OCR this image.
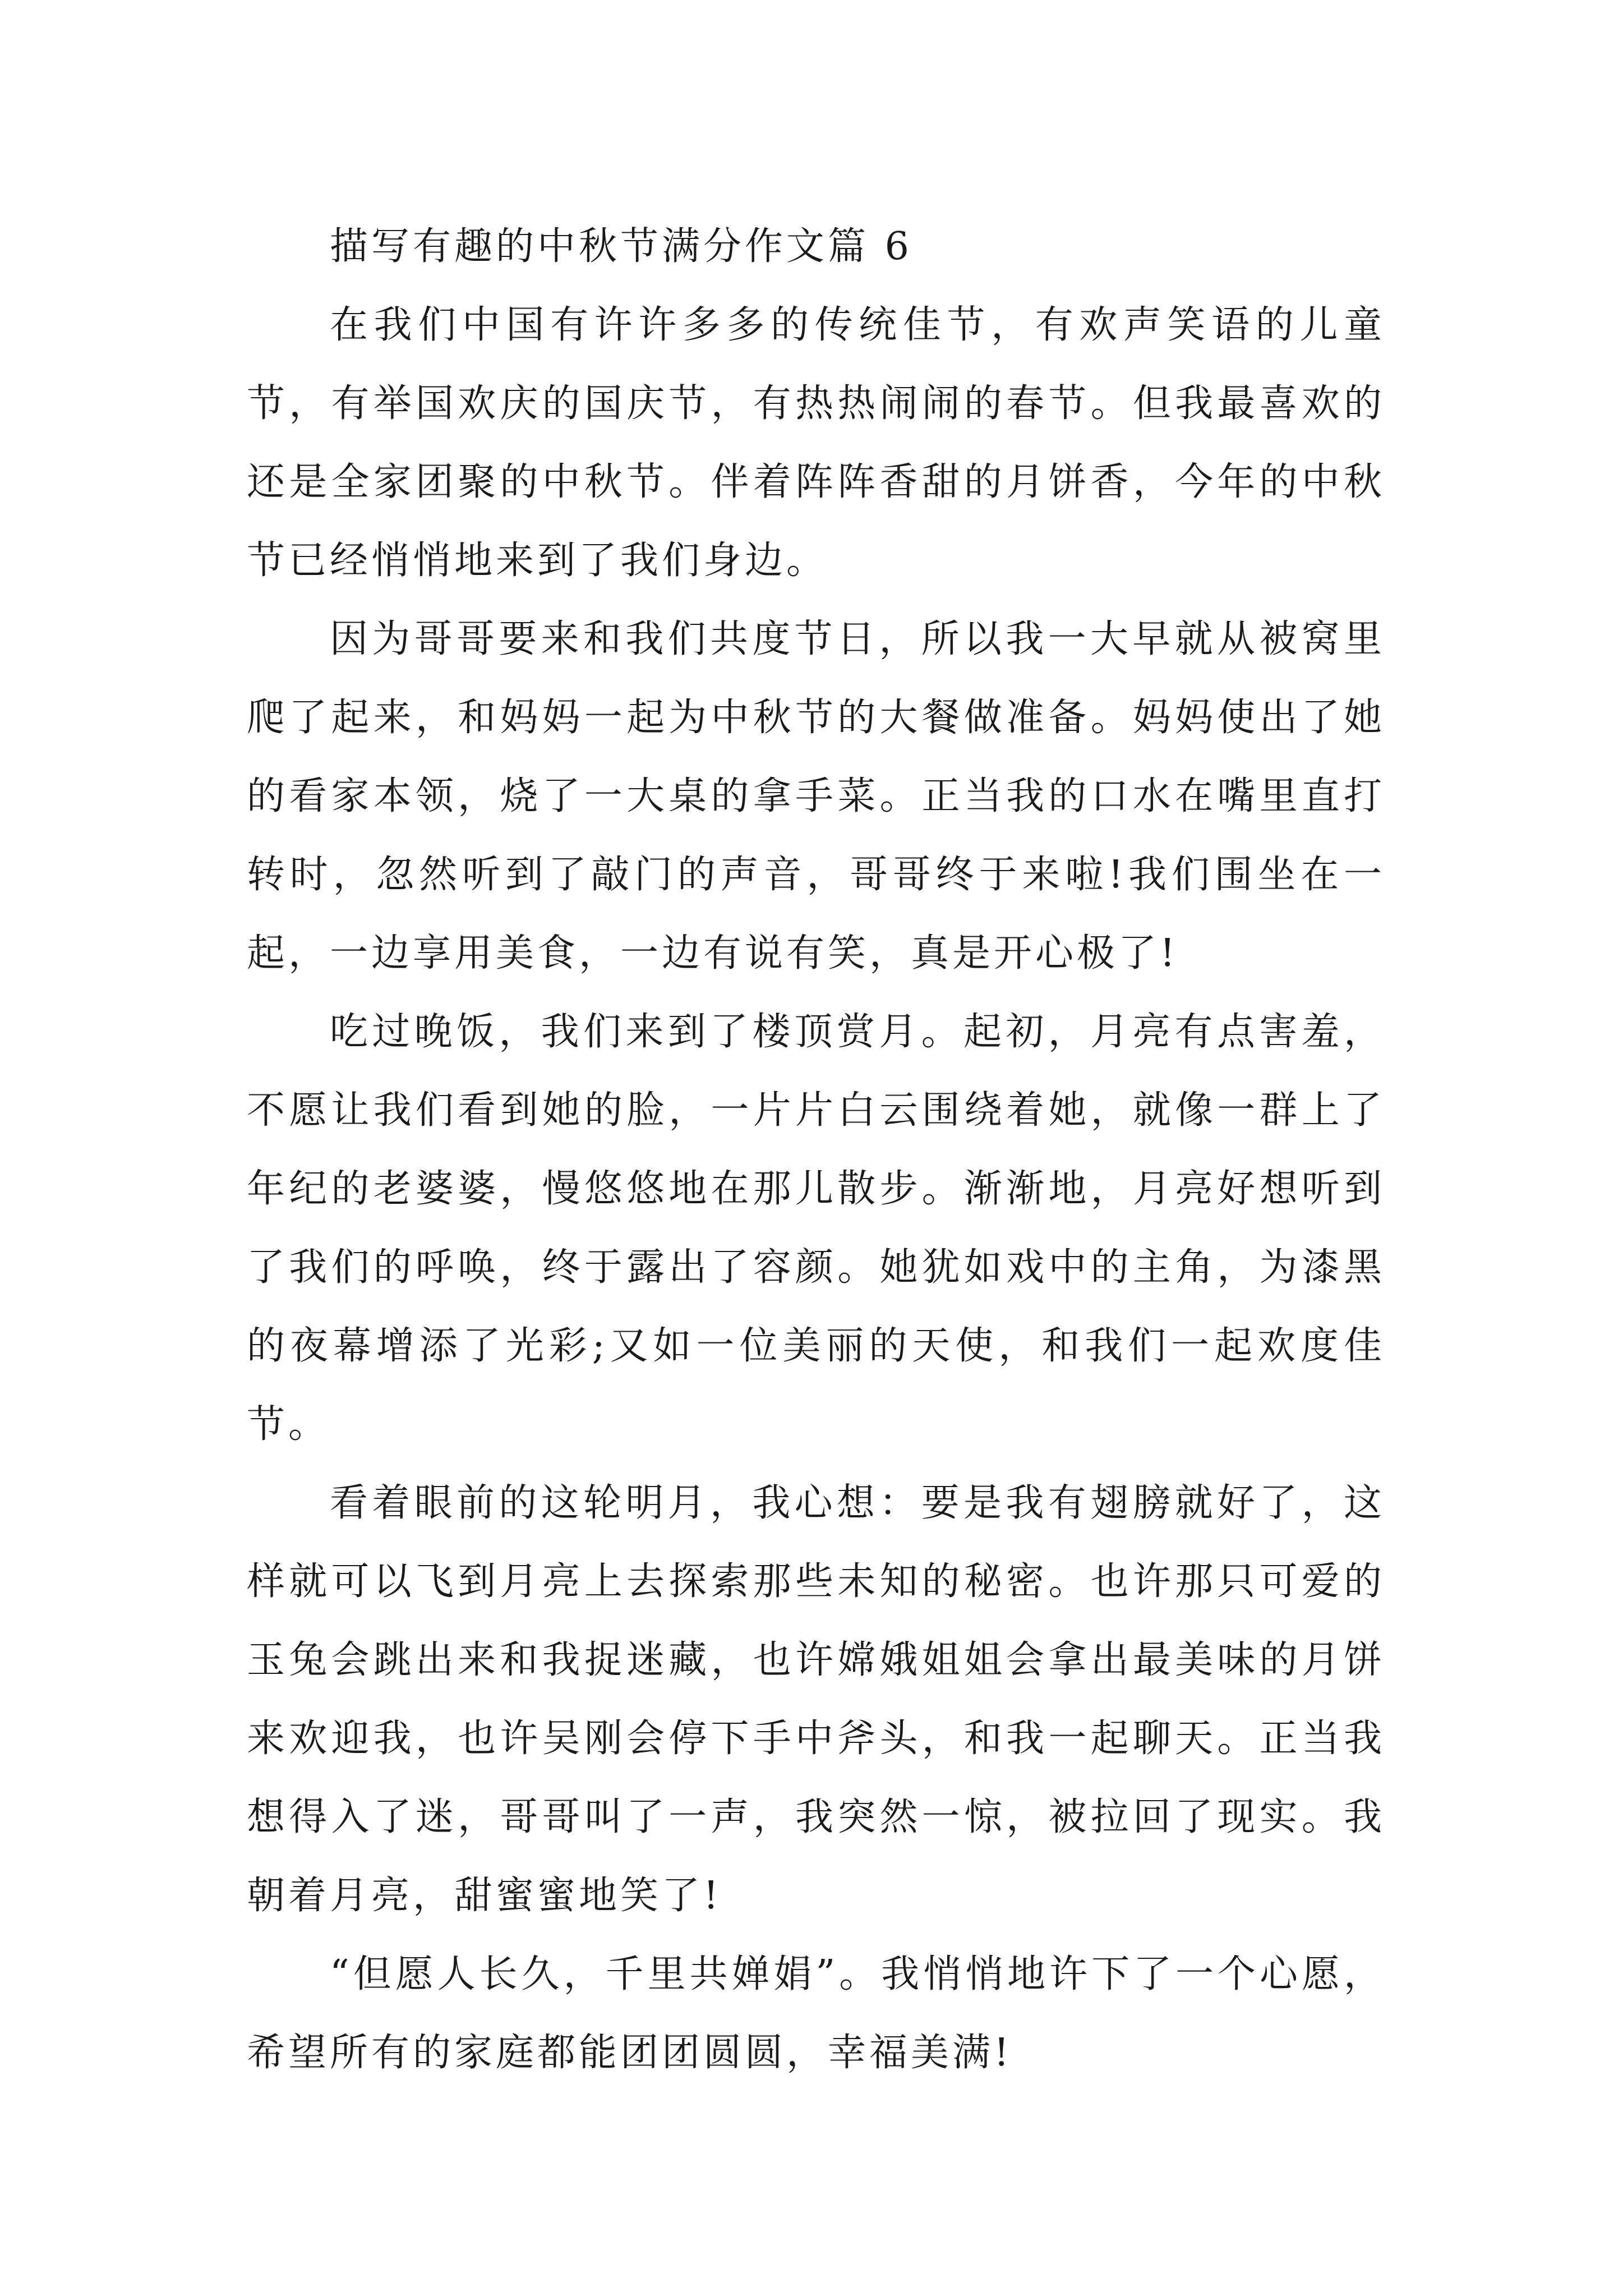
描写有趣的中秋节满分作文篇 6

在我们中国有许许多多的传统佳节，有欢声笑语的儿童节，有举国欢庆的国庆节，有热热闹闹的春节。但我最喜欢的还是全家团聚的中秋节。伴着阵阵香甜的月饼香，今年的中秋节已经悄悄地来到了我们身边。

因为哥哥要来和我们共度节日，所以我一大早就从被窝里爬了起来，和妈妈一起为中秋节的大餐做准备。妈妈使出了她的看家本领，烧了一大桌的拿手菜。正当我的口水在嘴里直打转时，忽然听到了敲门的声音，哥哥终于来啦!我们围坐在一起，一边享用美食，一边有说有笑，真是开心极了!

吃过晚饭，我们来到了楼顶赏月。起初，月亮有点害羞，不愿让我们看到她的脸，一片片白云围绕着她，就像一群上了年纪的老婆婆，慢悠悠地在那儿散步。渐渐地，月亮好想听到了我们的呼唤，终于露出了容颜。她犹如戏中的主角，为漆黑的夜幕增添了光彩;又如一位美丽的天使，和我们一起欢度佳节。

看着眼前的这轮明月，我心想：要是我有翅膀就好了，这样就可以飞到月亮上去探索那些未知的秘密。也许那只可爱的玉兔会跳出来和我捉迷藏，也许嫦娥姐姐会拿出最美味的月饼来欢迎我，也许吴刚会停下手中斧头，和我一起聊天。正当我想得入了迷，哥哥叫了一声，我突然一惊，被拉回了现实。我朝着月亮，甜蜜蜜地笑了!

“但愿人长久，千里共婵娟”。我悄悄地许下了一个心愿，希望所有的家庭都能团团圆圆，幸福美满!
